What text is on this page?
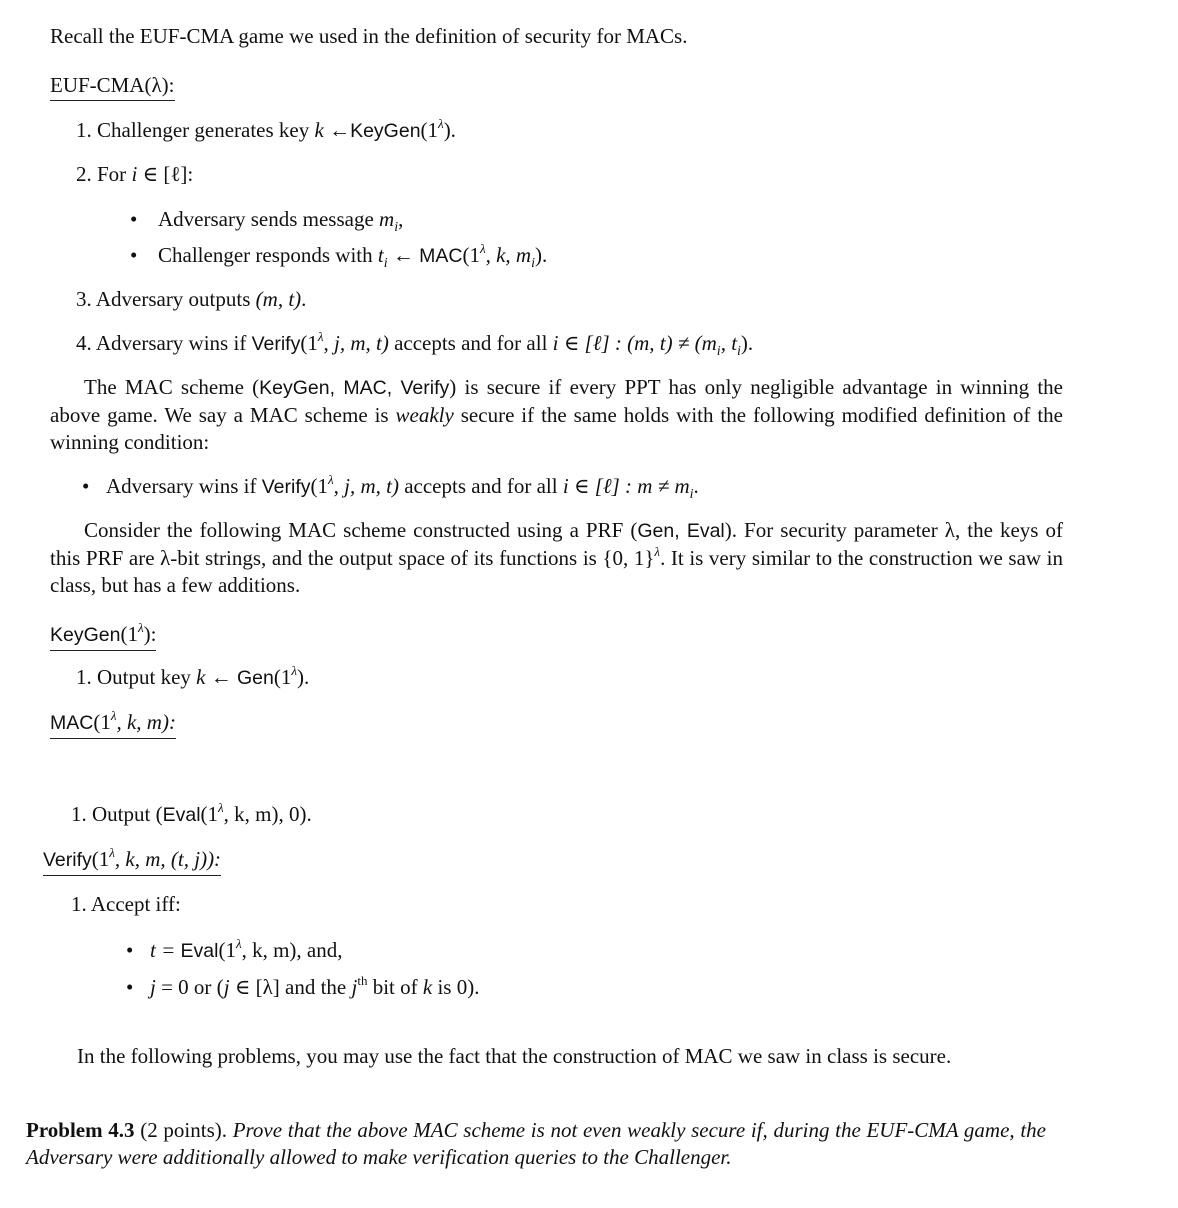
Recall the EUF-CMA game we used in the definition of security for MACs.
EUF-CMA(λ):
1. Challenger generates key k $\leftarrow KeyGen(1^\lambda)$.
2. For i ∈ [ℓ]:
• Adversary sends message $m_i$,
• Challenger responds with $t_i$ ← $MAC(1^\lambda$, k, $m_i$).
3. Adversary outputs (m, t).
4. Adversary wins if $Verify(1^\lambda$, j, m, t) accepts and for all i ∈ [ℓ] : (m, $t) \ne (m_i$, $t_i$).
The MAC scheme (KeyGen, MAC, Verify) is secure if every PPT has only negligible advantage in winning the above game. We say a MAC scheme is weakly secure if the same holds with the following modified definition of the winning condition:
• Adversary wins if $Verify(1^\lambda$, j, m, t) accepts and for all i ∈ [ℓ] : $m \ne m_i$.
Consider the following MAC scheme constructed using a PRF (Gen, Eval). For security parameter λ, the keys of this PRF are λ-bit strings, and the output space of its functions is {0, 1}$^\lambda$. It is very similar to the construction we saw in class, but has a few additions.
$KeyGen(1^\lambda)$:
1. Output key k ← $Gen(1^\lambda)$.
$MAC(1^\lambda$, k, m):
1. Output ($Eval(1^\lambda$, k, m), 0).
$Verify(1^\lambda$, k, m, (t, j)):
1. Accept iff:
• $t = Eval(1^\lambda$, k, m), and,
• j = 0 or (j ∈ [λ] and the $j^{th}$ bit of k is 0).
In the following problems, you may use the fact that the construction of MAC we saw in class is secure.
Problem 4.3 (2 points). Prove that the above MAC scheme is not even weakly secure if, during the EUF-CMA game, the Adversary were additionally allowed to make verification queries to the Challenger.
